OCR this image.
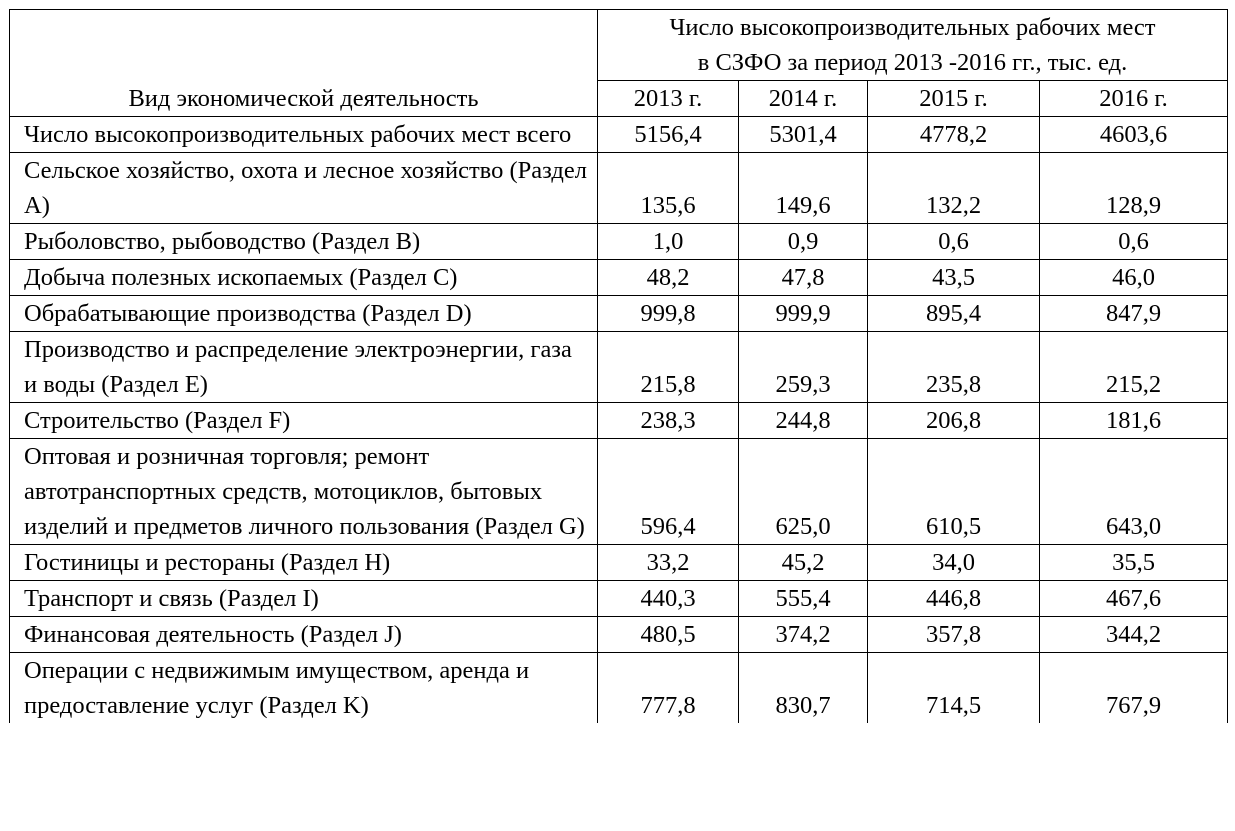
Вид экономической деятельность	Число высокопроизводительных рабочих мест
в СЗФО за период 2013 -2016 гг., тыс. ед.			

	2013 г.	2014 г.	2015 г.	2016 г.
Число высокопроизводительных рабочих мест всего	5156,4	5301,4	4778,2	4603,6
Сельское хозяйство, охота и лесное хозяйство (Раздел A)	135,6	149,6	132,2	128,9
Рыболовство, рыбоводство (Раздел B)	1,0	0,9	0,6	0,6
Добыча полезных ископаемых (Раздел C)	48,2	47,8	43,5	46,0
Обрабатывающие производства (Раздел D)	999,8	999,9	895,4	847,9
Производство и распределение электроэнергии, газа и воды (Раздел E)	215,8	259,3	235,8	215,2
Строительство (Раздел F)	238,3	244,8	206,8	181,6
Оптовая и розничная торговля; ремонт автотранспортных средств, мотоциклов, бытовых изделий и предметов личного пользования (Раздел G)	596,4	625,0	610,5	643,0
Гостиницы и рестораны (Раздел H)	33,2	45,2	34,0	35,5
Транспорт и связь (Раздел I)	440,3	555,4	446,8	467,6
Финансовая деятельность (Раздел J)	480,5	374,2	357,8	344,2
Операции с недвижимым имуществом, аренда и предоставление услуг (Раздел K)	777,8	830,7	714,5	767,9
